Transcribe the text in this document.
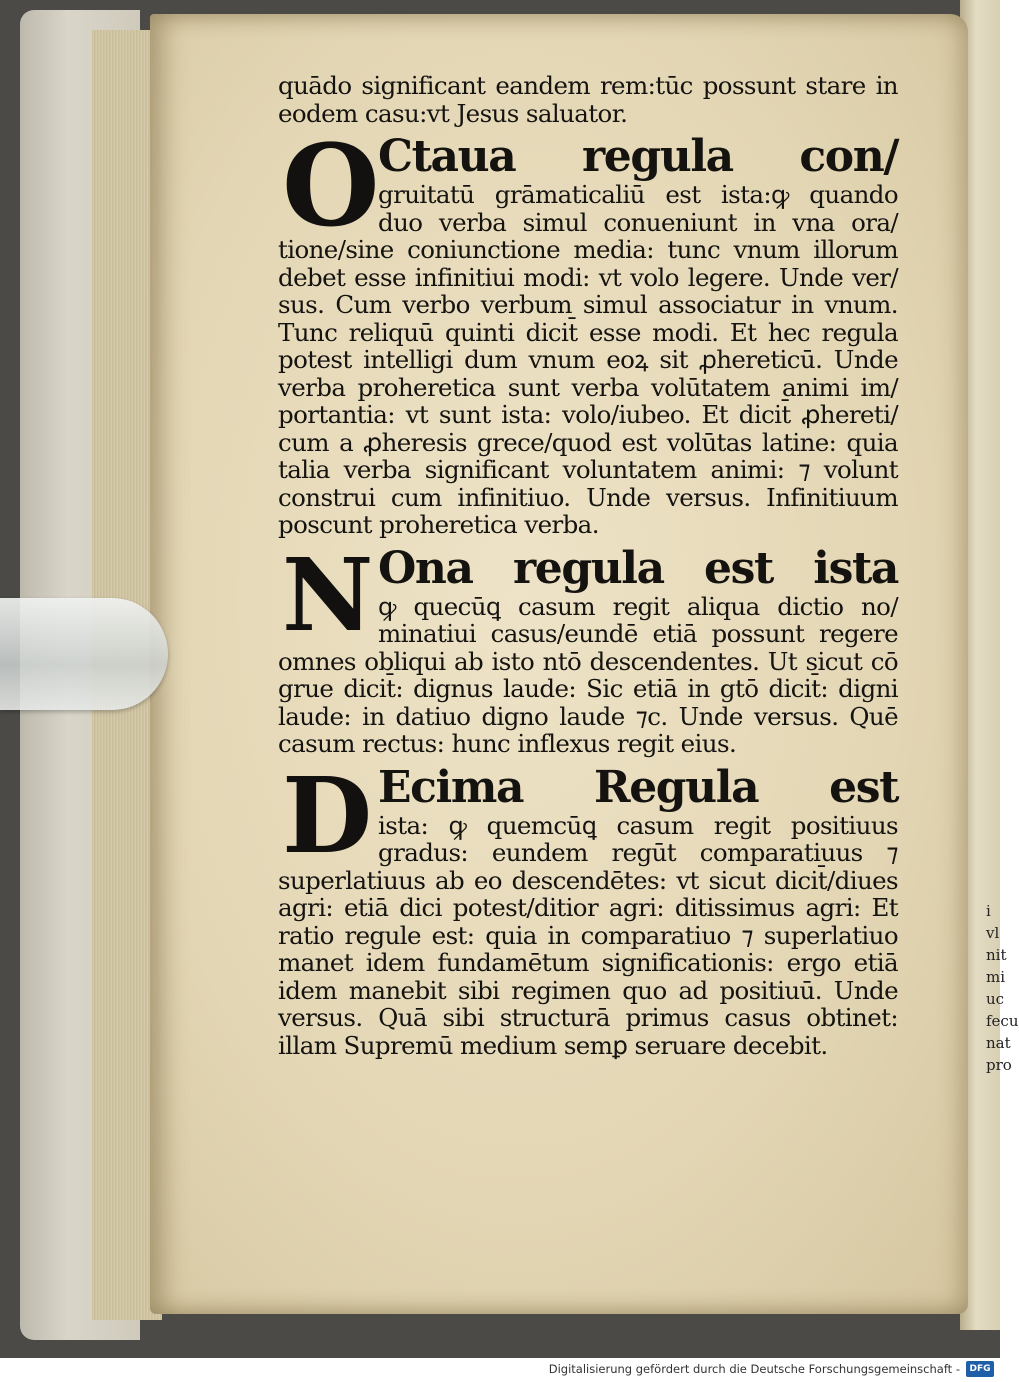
i
vl
nit
mi
uc
fecu
nat
pro
quādo significant eandem rem:tūc possunt stare in
eodem casu:vt Jesus saluator.
O
Ctaua regula con/
gruitatū grāmaticaliū est ista:ꝙ quando
duo verba simul conueniunt in vna ora/
tione/sine coniunctione media: tunc vnum illorum
debet esse infinitiui modi: vt volo legere. Unde ver/
sus. Cum verbo verbum simul associatur in vnum.
Tunc reliquū quinti dicit̄ esse modi. Et hec regula
potest intelligi dum vnum eoꝝ sit ꝓhereticū. Unde
verba proheretica sunt verba volūtatem animi im/
portantia: vt sunt ista: volo/iubeo. Et dicit̄ ꝓhereti/
cum a ꝓheresis grece/quod est volūtas latine: quia
talia verba significant voluntatem animi: ⁊ volunt
construi cum infinitiuo. Unde versus. Infinitiuum
poscunt proheretica verba.
N Ona regula est ista
ꝙ quecūꝗ casum regit aliqua dictio no/
minatiui casus/eundē etiā possunt regere
omnes obliqui ab isto ntō descendentes. Ut sicut cō
grue dicit̄: dignus laude: Sic etiā in gtō dicit̄: digni
laude: in datiuo digno laude ⁊c. Unde versus. Quē
casum rectus: hunc inflexus regit eius.
D Ecima Regula est
ista: ꝙ quemcūꝗ casum regit positiuus
gradus: eundem regūt comparatiuus ⁊
superlatiuus ab eo descendētes: vt sicut dicit̄/diues
agri: etiā dici potest/ditior agri: ditissimus agri: Et
ratio regule est: quia in comparatiuo ⁊ superlatiuo
manet idem fundamētum significationis: ergo etiā
idem manebit sibi regimen quo ad positiuū. Unde
versus. Quā sibi structurā primus casus obtinet:
illam Supremū medium semꝑ seruare decebit.
Digitalisierung gefördert durch die Deutsche Forschungsgemeinschaft -	DFG
